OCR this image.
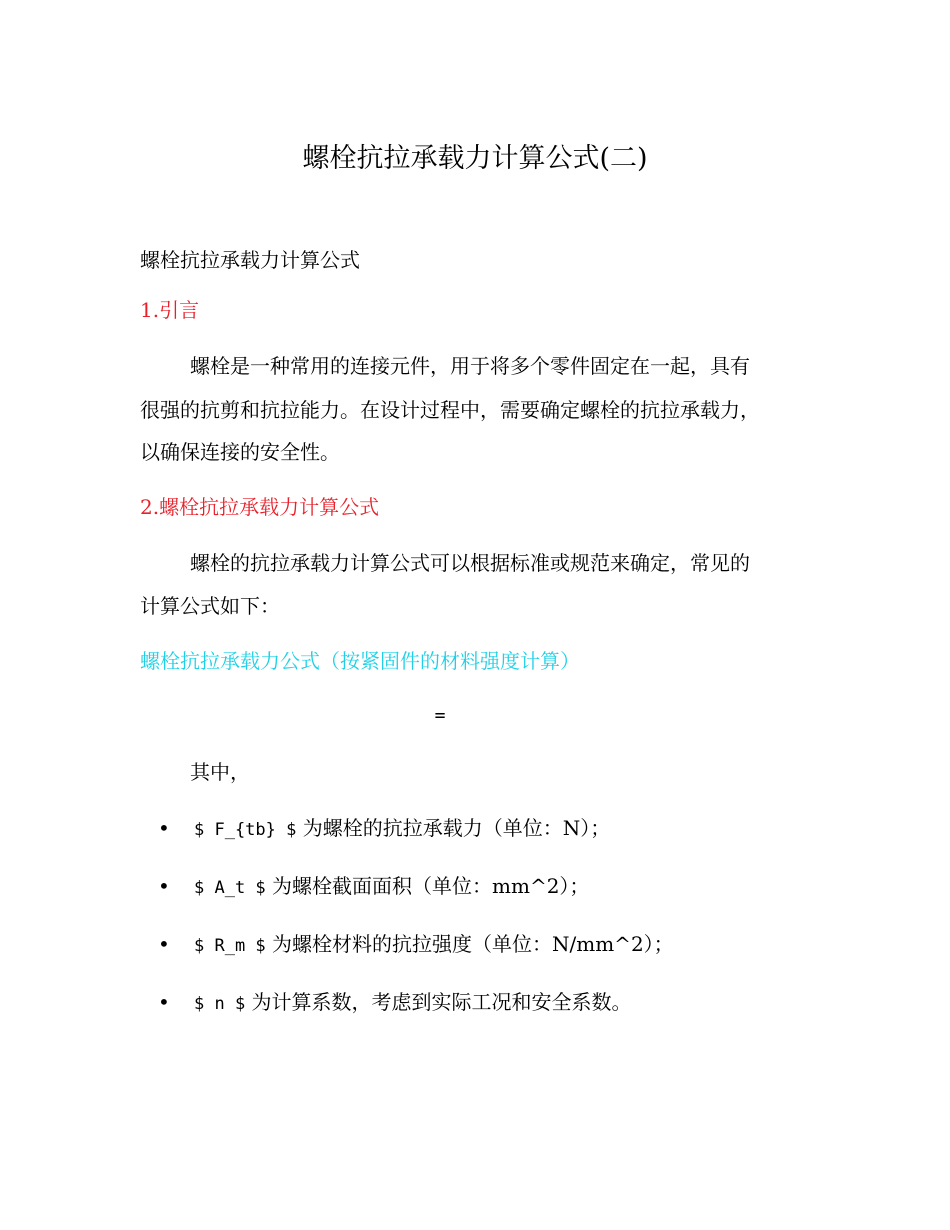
螺栓抗拉承载力计算公式(二)
螺栓抗拉承载力计算公式
1.引言
螺栓是一种常用的连接元件，用于将多个零件固定在一起，具有
很强的抗剪和抗拉能力。在设计过程中，需要确定螺栓的抗拉承载力，
以确保连接的安全性。
2.螺栓抗拉承载力计算公式
螺栓的抗拉承载力计算公式可以根据标准或规范来确定，常见的
计算公式如下：
螺栓抗拉承载力公式（按紧固件的材料强度计算）
=
其中，
• $ F_{tb} $ 为螺栓的抗拉承载力（单位：N）；
• $ A_t $ 为螺栓截面面积（单位：mm^2）；
• $ R_m $ 为螺栓材料的抗拉强度（单位：N/mm^2）；
• $ n $ 为计算系数，考虑到实际工况和安全系数。
